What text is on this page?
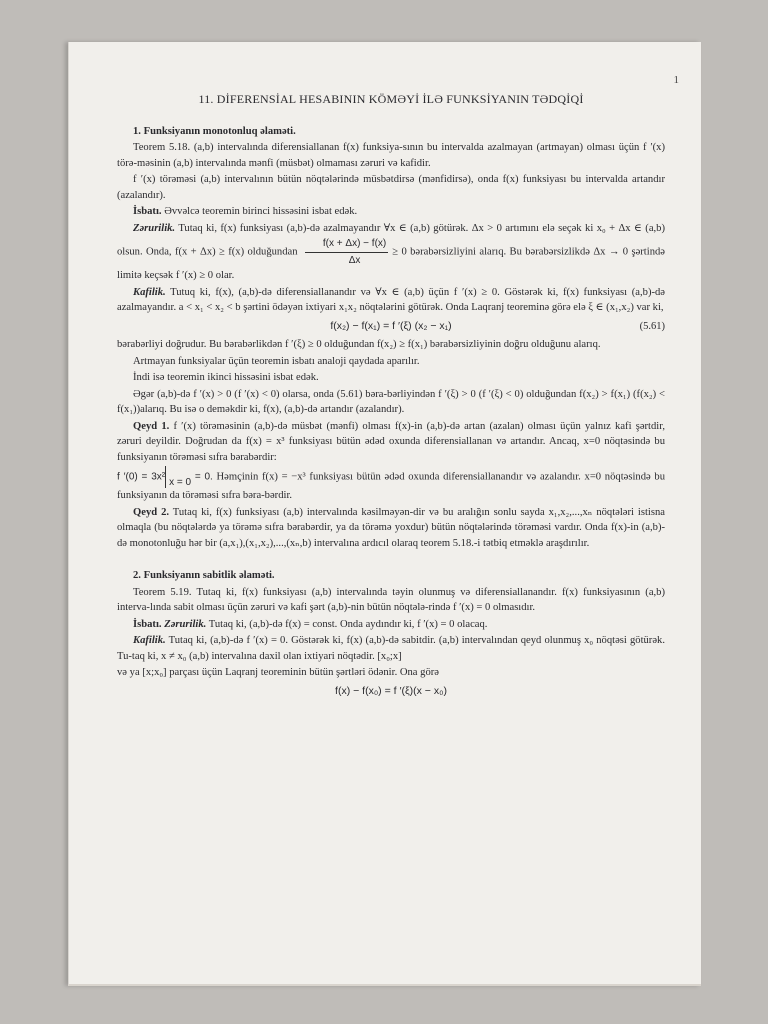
1
11. DİFERENSİAL HESABININ KÖMƏYİ İLƏ FUNKSİYANIN TƏDQİQİ

1. Funksiyanın monotonluq əlaməti.

Teorem 5.18. (a,b) intervalında diferensiallanan f(x) funksiya-sının bu intervalda azalmayan (artmayan) olması üçün f ′(x) törə-məsinin (a,b) intervalında mənfi (müsbət) olmaması zəruri və kafidir.

f ′(x) törəməsi (a,b) intervalının bütün nöqtələrində müsbətdirsə (mənfidirsə), onda f(x) funksiyası bu intervalda artandır (azalandır).

İsbatı. Əvvəlcə teoremin birinci hissəsini isbat edək.

Zərurilik. Tutaq ki, f(x) funksiyası (a,b)-də azalmayandır ∀x ∈ (a,b) götürək. Δx > 0 artımını elə seçək ki x₀ + Δx ∈ (a,b) olsun. Onda, f(x + Δx) ≥ f(x) olduğundan $\frac{f(x + \Delta x) - f(x)}{\Delta x} \ge 0$ bərabərsizliyini alarıq. Bu bərabərsizlikdə Δx → 0 şərtində limitə keçsək f ′(x) ≥ 0 olar.

Kafilik. Tutuq ki, f(x), (a,b)-də diferensiallanandır və ∀x ∈ (a,b) üçün f ′(x) ≥ 0. Göstərək ki, f(x) funksiyası (a,b)-də azalmayandır. a < x₁ < x₂ < b şərtini ödəyən ixtiyari x₁x₂ nöqtələrini götürək. Onda Laqranj teoreminə görə elə ξ ∈ (x₁,x₂) var ki,

f(x₂) − f(x₁) = f ′(ξ) (x₂ − x₁)	(5.61)

bərabərliyi doğrudur. Bu bərabərlikdən f ′(ξ) ≥ 0 olduğundan f(x₂) ≥ f(x₁) bərabərsizliyinin doğru olduğunu alarıq.

Artmayan funksiyalar üçün teoremin isbatı analoji qaydada aparılır.

İndi isə teoremin ikinci hissəsini isbat edək.

Əgər (a,b)-də f ′(x) > 0 (f ′(x) < 0) olarsa, onda (5.61) bəra-bərliyindən f ′(ξ) > 0 (f ′(ξ) < 0) olduğundan f(x₂) > f(x₁) (f(x₂) < f(x₁))alarıq. Bu isə o deməkdir ki, f(x), (a,b)-də artandır (azalandır).

Qeyd 1. f ′(x) törəməsinin (a,b)-də müsbət (mənfi) olması f(x)-in (a,b)-də artan (azalan) olması üçün yalnız kafi şərtdir, zəruri deyildir. Doğrudan da f(x) = x³ funksiyası bütün ədəd oxunda diferensiallanan və artandır. Ancaq, x=0 nöqtəsində bu funksiyanın törəməsi sıfra bərabərdir:

f ′(0) = 3x²

x = 0
= 0. Həmçinin f(x) = −x³ funksiyası bütün ədəd oxunda diferensiallanandır və azalandır. x=0 nöqtəsində bu funksiyanın da törəməsi sıfra bəra-bərdir.

Qeyd 2. Tutaq ki, f(x) funksiyası (a,b) intervalında kəsilməyən-dir və bu aralığın sonlu sayda x₁,x₂,...,xₙ nöqtələri istisna olmaqla (bu nöqtələrdə ya törəmə sıfra bərabərdir, ya da törəmə yoxdur) bütün nöqtələrində törəməsi vardır. Onda f(x)-in (a,b)-də monotonluğu hər bir (a,x₁),(x₁,x₂),...,(xₙ,b) intervalına ardıcıl olaraq teorem 5.18.-i tətbiq etməklə araşdırılır.

2. Funksiyanın sabitlik əlaməti.

Teorem 5.19. Tutaq ki, f(x) funksiyası (a,b) intervalında təyin olunmuş və diferensiallanandır. f(x) funksiyasının (a,b) interva-lında sabit olması üçün zəruri və kafi şərt (a,b)-nin bütün nöqtələ-rində f ′(x) = 0 olmasıdır.

İsbatı. Zərurilik. Tutaq ki, (a,b)-də f(x) = const. Onda aydındır ki, f ′(x) = 0 olacaq.

Kafilik. Tutaq ki, (a,b)-də f ′(x) = 0. Göstərək ki, f(x) (a,b)-də sabitdir. (a,b) intervalından qeyd olunmuş x₀ nöqtəsi götürək. Tu-taq ki, x ≠ x₀ (a,b) intervalına daxil olan ixtiyari nöqtədir. [x₀;x]

və ya [x;x₀] parçası üçün Laqranj teoreminin bütün şərtləri ödənir. Ona görə

f(x) − f(x₀) = f ′(ξ)(x − x₀)
